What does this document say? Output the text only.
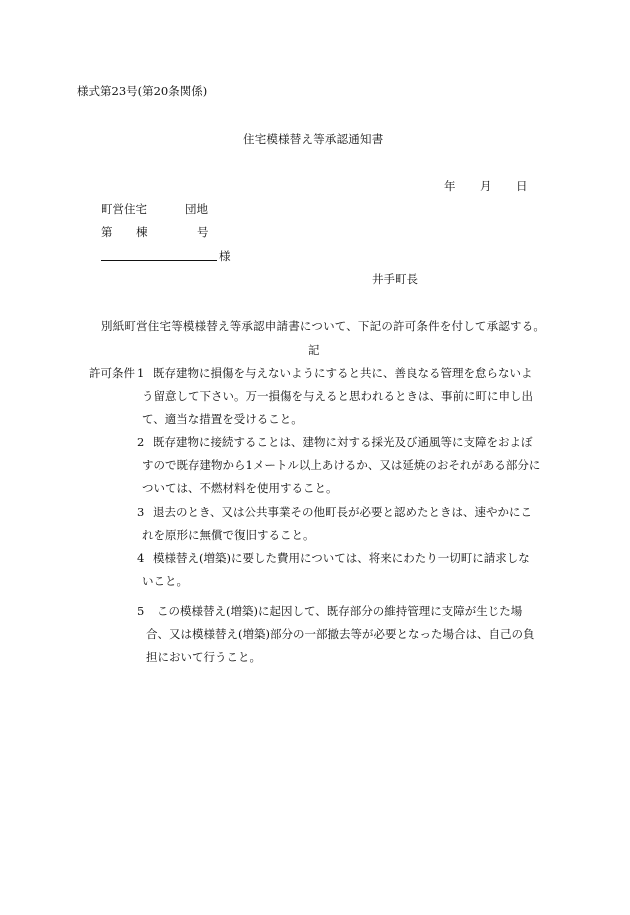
様式第23号(第20条関係)
住宅模様替え等承認通知書
年 月 日
町営住宅	団地
第 棟	号
様
井手町長
別紙町営住宅等模様替え等承認申請書について、下記の許可条件を付して承認する。
記
許可条件 1 既存建物に損傷を与えないようにすると共に、善良なる管理を怠らないよ
う留意して下さい。万一損傷を与えると思われるときは、事前に町に申し出
て、適当な措置を受けること。
2 既存建物に接続することは、建物に対する採光及び通風等に支障をおよぼ
すので既存建物から1メートル以上あけるか、又は延焼のおそれがある部分に
ついては、不燃材料を使用すること。
3 退去のとき、又は公共事業その他町長が必要と認めたときは、速やかにこ
れを原形に無償で復旧すること。
4 模様替え(増築)に要した費用については、将来にわたり一切町に請求しな
いこと。
5 この模様替え(増築)に起因して、既存部分の維持管理に支障が生じた場
合、又は模様替え(増築)部分の一部撤去等が必要となった場合は、自己の負
担において行うこと。
